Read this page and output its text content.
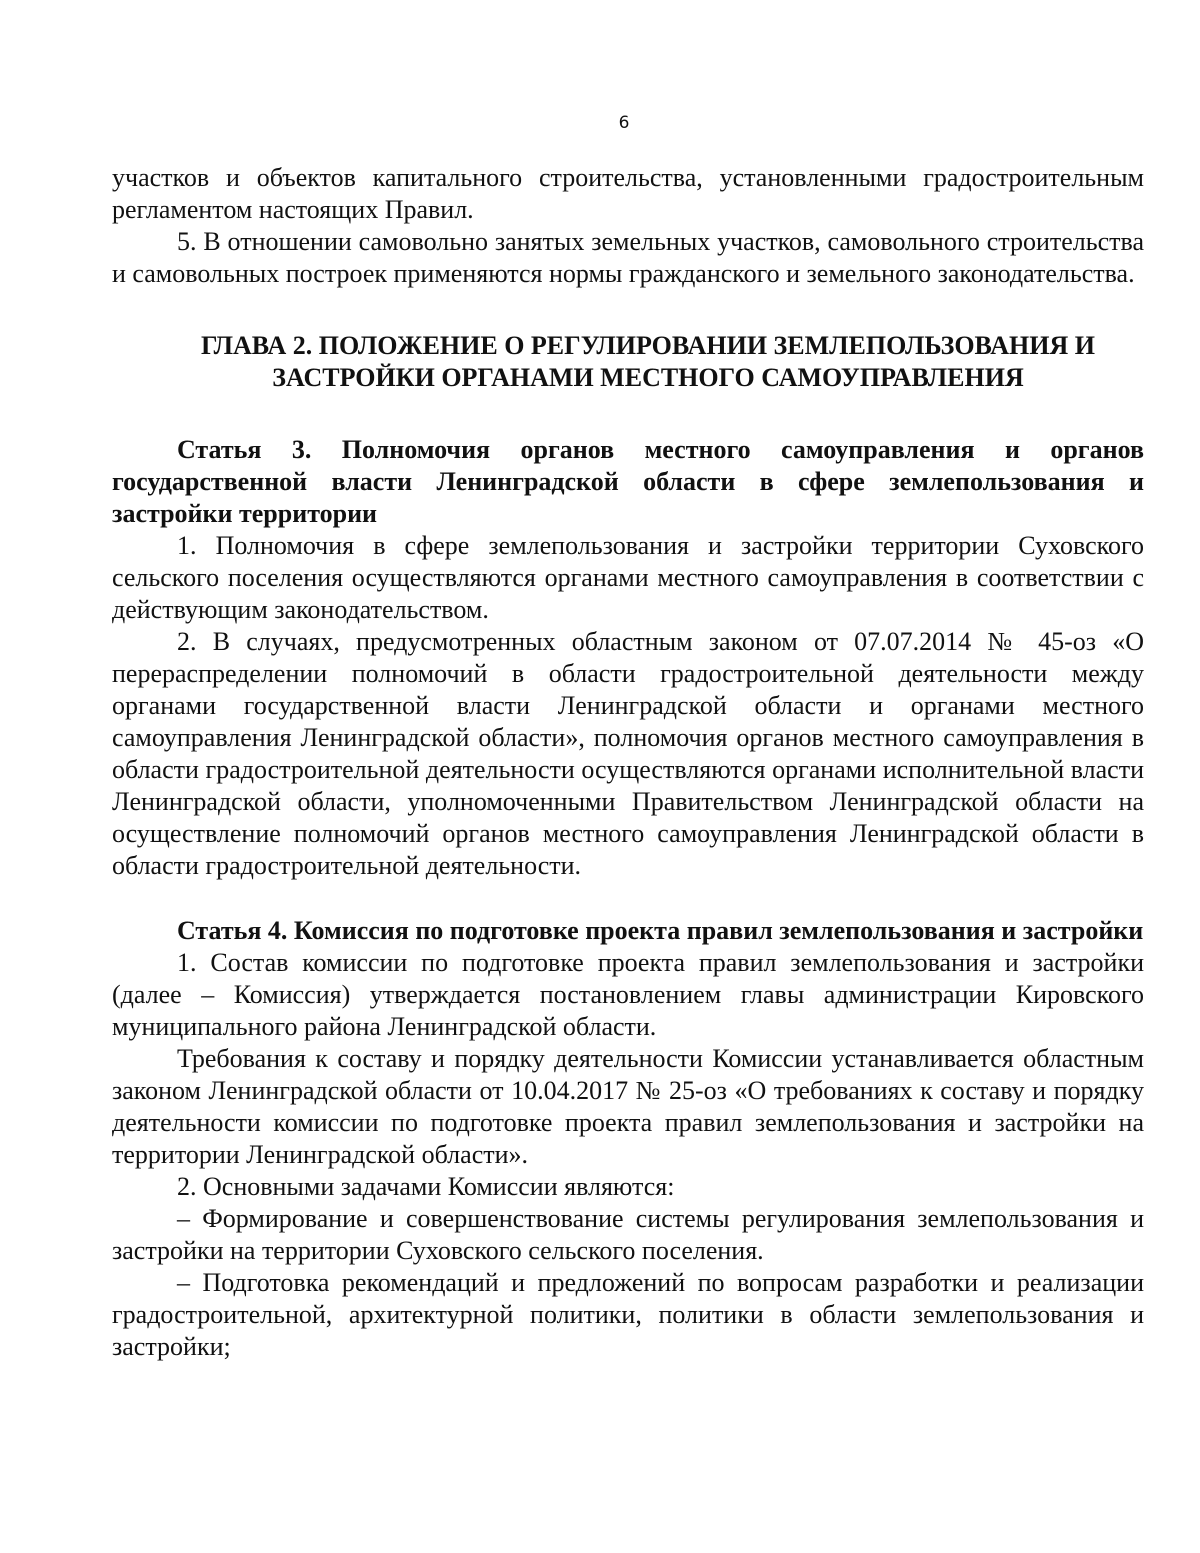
6

участков и объектов капитального строительства, установленными градостроительным регламентом настоящих Правил.

5. В отношении самовольно занятых земельных участков, самовольного строительства и самовольных построек применяются нормы гражданского и земельного законодательства.

ГЛАВА 2. ПОЛОЖЕНИЕ О РЕГУЛИРОВАНИИ ЗЕМЛЕПОЛЬЗОВАНИЯ И
ЗАСТРОЙКИ ОРГАНАМИ МЕСТНОГО САМОУПРАВЛЕНИЯ

Статья 3. Полномочия органов местного самоуправления и органов государственной власти Ленинградской области в сфере землепользования и застройки территории

1. Полномочия в сфере землепользования и застройки территории Суховского сельского поселения осуществляются органами местного самоуправления в соответствии с действующим законодательством.

2. В случаях, предусмотренных областным законом от 07.07.2014 № 45-оз «О перераспределении полномочий в области градостроительной деятельности между органами государственной власти Ленинградской области и органами местного самоуправления Ленинградской области», полномочия органов местного самоуправления в области градостроительной деятельности осуществляются органами исполнительной власти Ленинградской области, уполномоченными Правительством Ленинградской области на осуществление полномочий органов местного самоуправления Ленинградской области в области градостроительной деятельности.

Статья 4. Комиссия по подготовке проекта правил землепользования и застройки

1. Состав комиссии по подготовке проекта правил землепользования и застройки (далее – Комиссия) утверждается постановлением главы администрации Кировского муниципального района Ленинградской области.

Требования к составу и порядку деятельности Комиссии устанавливается областным законом Ленинградской области от 10.04.2017 № 25-оз «О требованиях к составу и порядку деятельности комиссии по подготовке проекта правил землепользования и застройки на территории Ленинградской области».

2. Основными задачами Комиссии являются:

– Формирование и совершенствование системы регулирования землепользования и застройки на территории Суховского сельского поселения.

– Подготовка рекомендаций и предложений по вопросам разработки и реализации градостроительной, архитектурной политики, политики в области землепользования и застройки;
